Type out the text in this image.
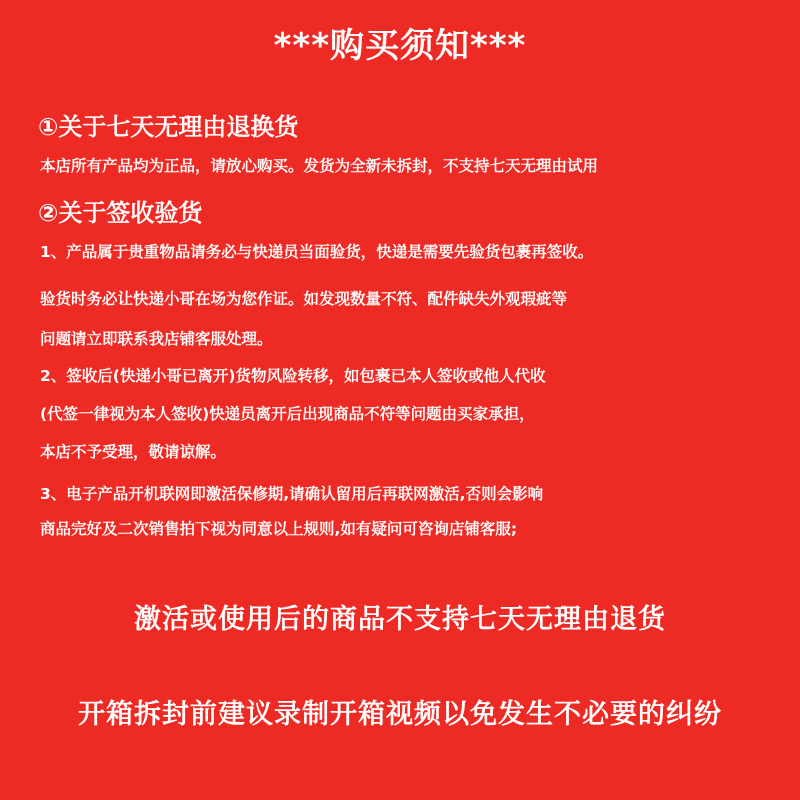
***购买须知***
①关于七天无理由退换货
本店所有产品均为正品，请放心购买。发货为全新未拆封，不支持七天无理由试用
②关于签收验货
1、产品属于贵重物品请务必与快递员当面验货，快递是需要先验货包裹再签收。
验货时务必让快递小哥在场为您作证。如发现数量不符、配件缺失外观瑕疵等
问题请立即联系我店铺客服处理。
2、签收后(快递小哥已离开)货物风险转移，如包裹已本人签收或他人代收
(代签一律视为本人签收)快递员离开后出现商品不符等问题由买家承担，
本店不予受理，敬请谅解。
3、电子产品开机联网即激活保修期,请确认留用后再联网激活,否则会影响
商品完好及二次销售拍下视为同意以上规则,如有疑问可咨询店铺客服;
激活或使用后的商品不支持七天无理由退货
开箱拆封前建议录制开箱视频以免发生不必要的纠纷
